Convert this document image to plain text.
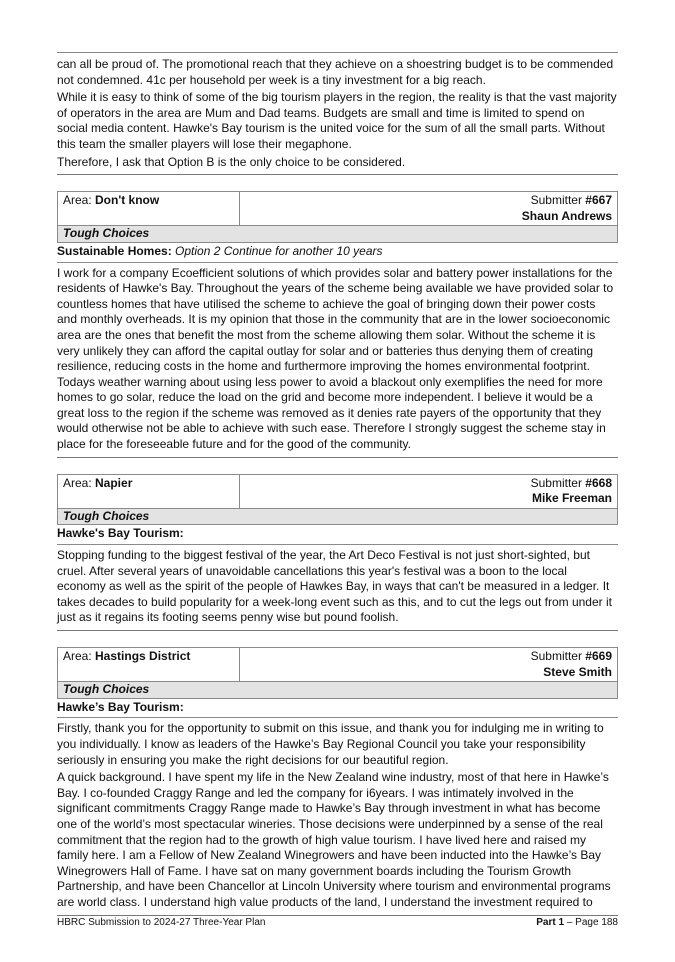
can all be proud of. The promotional reach that they achieve on a shoestring budget is to be commended not condemned. 41c per household per week is a tiny investment for a big reach.

While it is easy to think of some of the big tourism players in the region, the reality is that the vast majority of operators in the area are Mum and Dad teams. Budgets are small and time is limited to spend on social media content. Hawke's Bay tourism is the united voice for the sum of all the small parts. Without this team the smaller players will lose their megaphone.

Therefore, I ask that Option B is the only choice to be considered.

Area: Don't know	Submitter #667
Shaun Andrews
Tough Choices
Sustainable Homes: Option 2 Continue for another 10 years

I work for a company Ecoefficient solutions of which provides solar and battery power installations for the residents of Hawke's Bay. Throughout the years of the scheme being available we have provided solar to countless homes that have utilised the scheme to achieve the goal of bringing down their power costs and monthly overheads. It is my opinion that those in the community that are in the lower socioeconomic area are the ones that benefit the most from the scheme allowing them solar. Without the scheme it is very unlikely they can afford the capital outlay for solar and or batteries thus denying them of creating resilience, reducing costs in the home and furthermore improving the homes environmental footprint. Todays weather warning about using less power to avoid a blackout only exemplifies the need for more homes to go solar, reduce the load on the grid and become more independent. I believe it would be a great loss to the region if the scheme was removed as it denies rate payers of the opportunity that they would otherwise not be able to achieve with such ease. Therefore I strongly suggest the scheme stay in place for the foreseeable future and for the good of the community.

Area: Napier	Submitter #668
Mike Freeman
Tough Choices
Hawke's Bay Tourism:

Stopping funding to the biggest festival of the year, the Art Deco Festival is not just short-sighted, but cruel. After several years of unavoidable cancellations this year's festival was a boon to the local economy as well as the spirit of the people of Hawkes Bay, in ways that can't be measured in a ledger. It takes decades to build popularity for a week-long event such as this, and to cut the legs out from under it just as it regains its footing seems penny wise but pound foolish.

Area: Hastings District	Submitter #669
Steve Smith
Tough Choices
Hawke’s Bay Tourism:

Firstly, thank you for the opportunity to submit on this issue, and thank you for indulging me in writing to you individually. I know as leaders of the Hawke’s Bay Regional Council you take your responsibility seriously in ensuring you make the right decisions for our beautiful region.

A quick background. I have spent my life in the New Zealand wine industry, most of that here in Hawke’s Bay. I co-founded Craggy Range and led the company for i6years. I was intimately involved in the significant commitments Craggy Range made to Hawke’s Bay through investment in what has become one of the world’s most spectacular wineries. Those decisions were underpinned by a sense of the real commitment that the region had to the growth of high value tourism. I have lived here and raised my family here. I am a Fellow of New Zealand Winegrowers and have been inducted into the Hawke’s Bay Winegrowers Hall of Fame. I have sat on many government boards including the Tourism Growth Partnership, and have been Chancellor at Lincoln University where tourism and environmental programs are world class. I understand high value products of the land, I understand the investment required to

HBRC Submission to 2024-27 Three-Year Plan	Part 1 – Page 188
